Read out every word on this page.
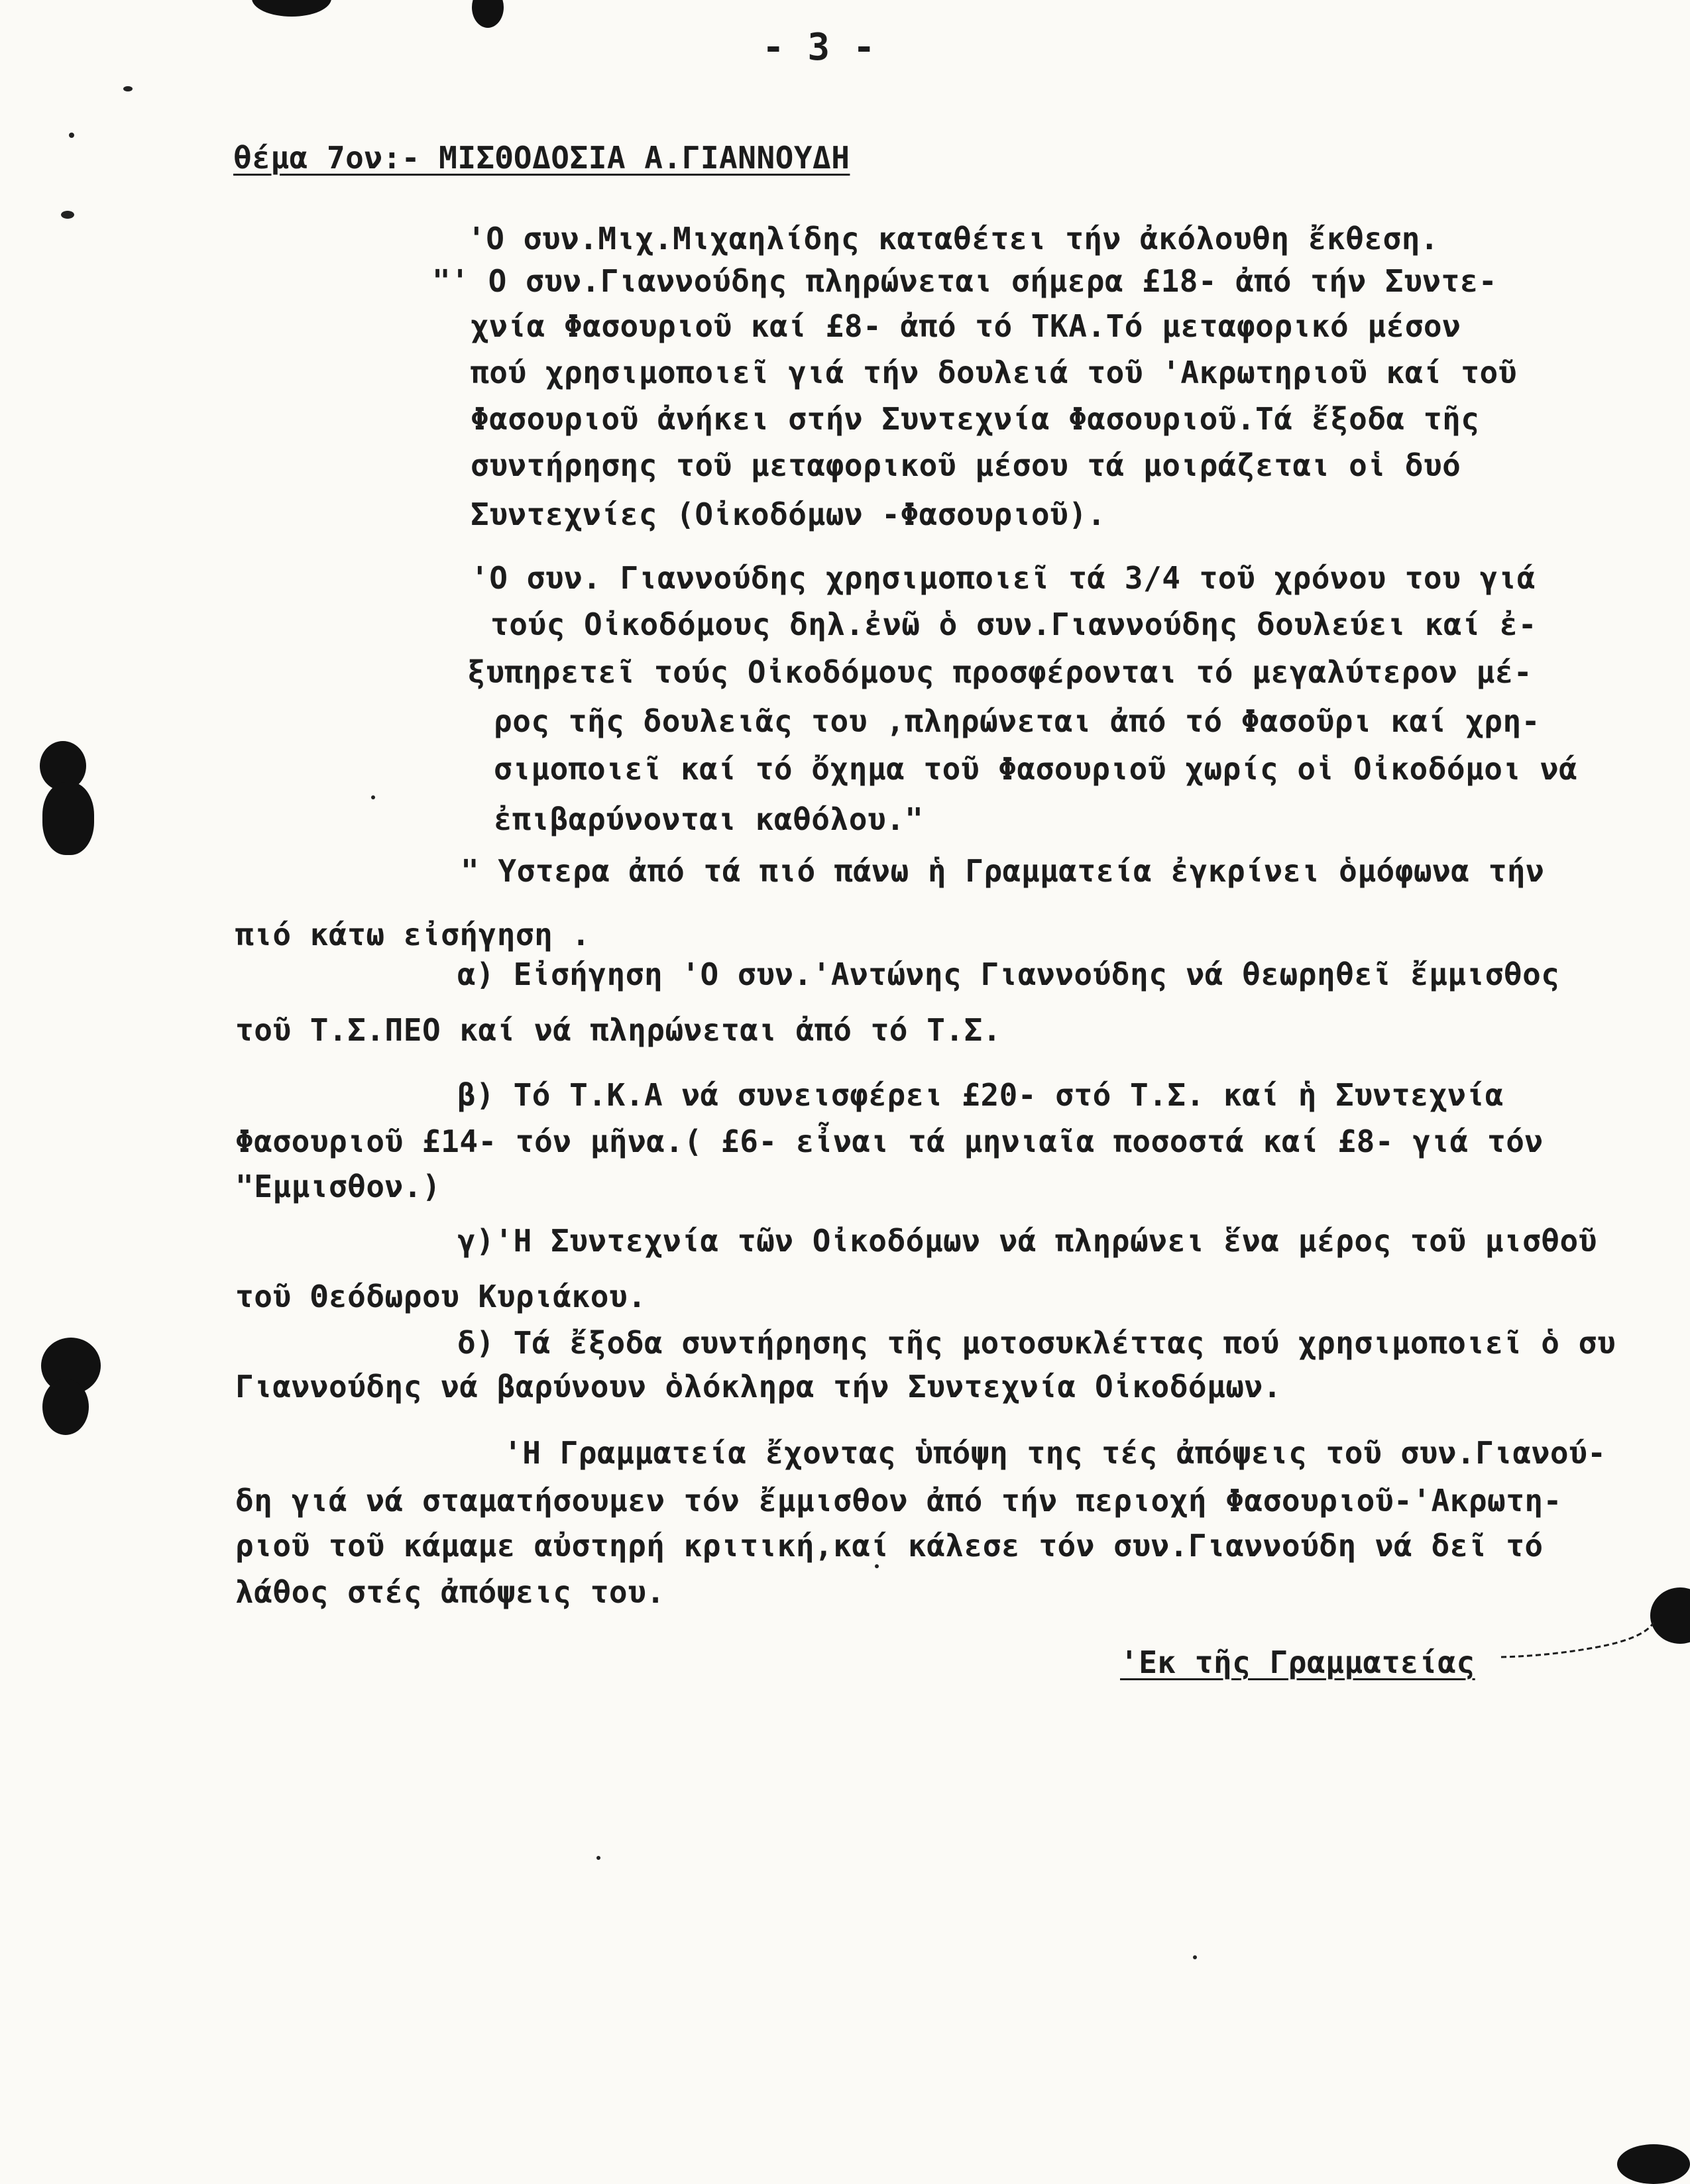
- 3 -
θέμα 7ον:- ΜΙΣΘΟΔΟΣΙΑ Α.ΓΙΑΝΝΟΥΔΗ
'Ο συν.Μιχ.Μιχαηλίδης καταθέτει τήν ἀκόλουθη ἔκθεση.
"' Ο συν.Γιαννούδης πληρώνεται σήμερα £18- ἀπό τήν Συντε-
χνία Φασουριοῦ καί £8- ἀπό τό ΤΚΑ.Τό μεταφορικό μέσον
πού χρησιμοποιεῖ γιά τήν δουλειά τοῦ 'Ακρωτηριοῦ καί τοῦ
Φασουριοῦ ἀνήκει στήν Συντεχνία Φασουριοῦ.Τά ἔξοδα τῆς
συντήρησης τοῦ μεταφορικοῦ μέσου τά μοιράζεται οἱ δυό
Συντεχνίες (Οἰκοδόμων -Φασουριοῦ).
'Ο συν. Γιαννούδης χρησιμοποιεῖ τά 3/4 τοῦ χρόνου του γιά
τούς Οἰκοδόμους δηλ.ἐνῶ ὁ συν.Γιαννούδης δουλεύει καί ἐ-
ξυπηρετεῖ τούς Οἰκοδόμους προσφέρονται τό μεγαλύτερον μέ-
ρος τῆς δουλειᾶς του ,πληρώνεται ἀπό τό Φασοῦρι καί χρη-
σιμοποιεῖ καί τό ὄχημα τοῦ Φασουριοῦ χωρίς οἱ Οἰκοδόμοι νά
ἐπιβαρύνονται καθόλου."
" Υστερα ἀπό τά πιό πάνω ἡ Γραμματεία ἐγκρίνει ὁμόφωνα τήν
πιό κάτω εἰσήγηση .
α) Εἰσήγηση 'Ο συν.'Αντώνης Γιαννούδης νά θεωρηθεῖ ἔμμισθος
τοῦ Τ.Σ.ΠΕΟ καί νά πληρώνεται ἀπό τό Τ.Σ.
β) Τό Τ.Κ.Α νά συνεισφέρει £20- στό Τ.Σ. καί ἡ Συντεχνία
Φασουριοῦ £14- τόν μῆνα.( £6- εἶναι τά μηνιαῖα ποσοστά καί £8- γιά τόν
"Εμμισθον.)
γ)'Η Συντεχνία τῶν Οἰκοδόμων νά πληρώνει ἕνα μέρος τοῦ μισθοῦ
τοῦ Θεόδωρου Κυριάκου.
δ) Τά ἔξοδα συντήρησης τῆς μοτοσυκλέττας πού χρησιμοποιεῖ ὁ συ
Γιαννούδης νά βαρύνουν ὁλόκληρα τήν Συντεχνία Οἰκοδόμων.
'Η Γραμματεία ἔχοντας ὑπόψη της τές ἀπόψεις τοῦ συν.Γιανού-
δη γιά νά σταματήσουμεν τόν ἔμμισθον ἀπό τήν περιοχή Φασουριοῦ-'Ακρωτη-
ριοῦ τοῦ κάμαμε αὐστηρή κριτική,καί κάλεσε τόν συν.Γιαννούδη νά δεῖ τό
λάθος στές ἀπόψεις του.
'Εκ τῆς Γραμματείας
